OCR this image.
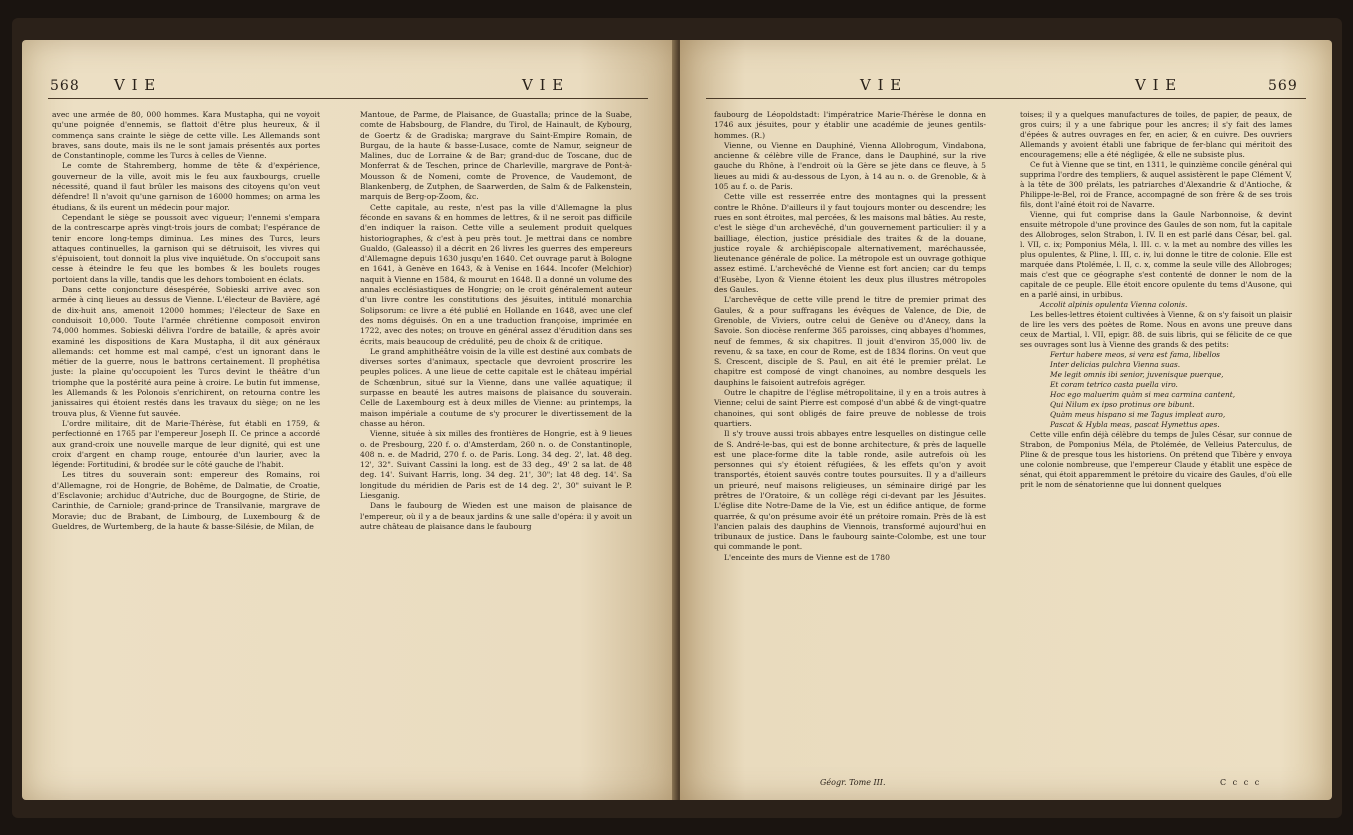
568 V I E	V I E

avec une armée de 80, 000 hommes. Kara Mustapha, qui ne voyoit qu'une poignée d'ennemis, se flattoit d'être plus heureux, & il commença sans crainte le siège de cette ville. Les Allemands sont braves, sans doute, mais ils ne le sont jamais présentés aux portes de Constantinople, comme les Turcs à celles de Vienne.

Le comte de Stahremberg, homme de tête & d'expérience, gouverneur de la ville, avoit mis le feu aux fauxbourgs, cruelle nécessité, quand il faut brûler les maisons des citoyens qu'on veut défendre! Il n'avoit qu'une garnison de 16000 hommes; on arma les étudians, & ils eurent un médecin pour major.

Cependant le siège se poussoit avec vigueur; l'ennemi s'empara de la contrescarpe après vingt-trois jours de combat; l'espérance de tenir encore long-temps diminua. Les mines des Turcs, leurs attaques continuelles, la garnison qui se détruisoit, les vivres qui s'épuisoient, tout donnoit la plus vive inquiétude. On s'occupoit sans cesse à éteindre le feu que les bombes & les boulets rouges portoient dans la ville, tandis que les dehors tomboient en éclats.

Dans cette conjoncture désespérée, Sobieski arrive avec son armée à cinq lieues au dessus de Vienne. L'électeur de Bavière, agé de dix-huit ans, amenoit 12000 hommes; l'électeur de Saxe en conduisoit 10,000. Toute l'armée chrétienne composoit environ 74,000 hommes. Sobieski délivra l'ordre de bataille, & après avoir examiné les dispositions de Kara Mustapha, il dit aux généraux allemands: cet homme est mal campé, c'est un ignorant dans le métier de la guerre, nous le battrons certainement. Il prophétisa juste: la plaine qu'occupoient les Turcs devint le théâtre d'un triomphe que la postérité aura peine à croire. Le butin fut immense, les Allemands & les Polonois s'enrichirent, on retourna contre les janissaires qui étoient restés dans les travaux du siège; on ne les trouva plus, & Vienne fut sauvée.

L'ordre militaire, dit de Marie-Thérèse, fut établi en 1759, & perfectionné en 1765 par l'empereur Joseph II. Ce prince a accordé aux grand-croix une nouvelle marque de leur dignité, qui est une croix d'argent en champ rouge, entourée d'un laurier, avec la légende: Fortitudini, & brodée sur le côté gauche de l'habit.

Les titres du souverain sont: empereur des Romains, roi d'Allemagne, roi de Hongrie, de Bohême, de Dalmatie, de Croatie, d'Esclavonie; archiduc d'Autriche, duc de Bourgogne, de Stirie, de Carinthie, de Carniole; grand-prince de Transilvanie, margrave de Moravie; duc de Brabant, de Limbourg, de Luxembourg & de Gueldres, de Wurtemberg, de la haute & basse-Silésie, de Milan, de

Mantoue, de Parme, de Plaisance, de Guastalla; prince de la Suabe, comte de Habsbourg, de Flandre, du Tirol, de Hainault, de Kybourg, de Goertz & de Gradiska; margrave du Saint-Empire Romain, de Burgau, de la haute & basse-Lusace, comte de Namur, seigneur de Malines, duc de Lorraine & de Bar; grand-duc de Toscane, duc de Monferrat & de Teschen, prince de Charleville, margrave de Pont-à-Mousson & de Nomeni, comte de Provence, de Vaudemont, de Blankenberg, de Zutphen, de Saarwerden, de Salm & de Falkenstein, marquis de Berg-op-Zoom, &c.

Cette capitale, au reste, n'est pas la ville d'Allemagne la plus féconde en savans & en hommes de lettres, & il ne seroit pas difficile d'en indiquer la raison. Cette ville a seulement produit quelques historiographes, & c'est à peu près tout. Je mettrai dans ce nombre Gualdo, (Galeasso) il a décrit en 26 livres les guerres des empereurs d'Allemagne depuis 1630 jusqu'en 1640. Cet ouvrage parut à Bologne en 1641, à Genève en 1643, & à Venise en 1644. Incofer (Melchior) naquit à Vienne en 1584, & mourut en 1648. Il a donné un volume des annales ecclésiastiques de Hongrie; on le croit généralement auteur d'un livre contre les constitutions des jésuites, intitulé monarchia Solipsorum: ce livre a été publié en Hollande en 1648, avec une clef des noms déguisés. On en a une traduction françoise, imprimée en 1722, avec des notes; on trouve en général assez d'érudition dans ses écrits, mais beaucoup de crédulité, peu de choix & de critique.

Le grand amphithéâtre voisin de la ville est destiné aux combats de diverses sortes d'animaux, spectacle que devroient proscrire les peuples polices. A une lieue de cette capitale est le château impérial de Schœnbrun, situé sur la Vienne, dans une vallée aquatique; il surpasse en beauté les autres maisons de plaisance du souverain. Celle de Laxembourg est à deux milles de Vienne: au printemps, la maison impériale a coutume de s'y procurer le divertissement de la chasse au héron.

Vienne, située à six milles des frontières de Hongrie, est à 9 lieues o. de Presbourg, 220 f. o. d'Amsterdam, 260 n. o. de Constantinople, 408 n. e. de Madrid, 270 f. o. de Paris. Long. 34 deg. 2', lat. 48 deg. 12', 32". Suivant Cassini la long. est de 33 deg., 49' 2 sa lat. de 48 deg. 14'. Suivant Harris, long. 34 deg. 21', 30"; lat 48 deg. 14'. Sa longitude du méridien de Paris est de 14 deg. 2', 30" suivant le P. Liesganig.

Dans le faubourg de Wieden est une maison de plaisance de l'empereur, où il y a de beaux jardins & une salle d'opéra: il y avoit un autre château de plaisance dans le faubourg

V I E	V I E	569

faubourg de Léopoldstadt: l'impératrice Marie-Thérèse le donna en 1746 aux jésuites, pour y établir une académie de jeunes gentils-hommes. (R.)

Vienne, ou Vienne en Dauphiné, Vienna Allobrogum, Vindabona, ancienne & célèbre ville de France, dans le Dauphiné, sur la rive gauche du Rhône, à l'endroit où la Gère se jète dans ce fleuve, à 5 lieues au midi & au-dessous de Lyon, à 14 au n. o. de Grenoble, & à 105 au f. o. de Paris.

Cette ville est resserrée entre des montagnes qui la pressent contre le Rhône. D'ailleurs il y faut toujours monter ou descendre; les rues en sont étroites, mal percées, & les maisons mal bâties. Au reste, c'est le siège d'un archevêché, d'un gouvernement particulier: il y a bailliage, élection, justice présidiale des traites & de la douane, justice royale & archiépiscopale alternativement, maréchaussée, lieutenance générale de police. La métropole est un ouvrage gothique assez estimé. L'archevêché de Vienne est fort ancien; car du temps d'Eusèbe, Lyon & Vienne étoient les deux plus illustres métropoles des Gaules.

L'archevêque de cette ville prend le titre de premier primat des Gaules, & a pour suffragans les évêques de Valence, de Die, de Grenoble, de Viviers, outre celui de Genève ou d'Anecy, dans la Savoie. Son diocèse renferme 365 paroisses, cinq abbayes d'hommes, neuf de femmes, & six chapitres. Il jouit d'environ 35,000 liv. de revenu, & sa taxe, en cour de Rome, est de 1834 florins. On veut que S. Crescent, disciple de S. Paul, en ait été le premier prélat. Le chapitre est composé de vingt chanoines, au nombre desquels les dauphins le faisoient autrefois agréger.

Outre le chapitre de l'église métropolitaine, il y en a trois autres à Vienne; celui de saint Pierre est composé d'un abbé & de vingt-quatre chanoines, qui sont obligés de faire preuve de noblesse de trois quartiers.

Il s'y trouve aussi trois abbayes entre lesquelles on distingue celle de S. André-le-bas, qui est de bonne architecture, & près de laquelle est une place-forme dite la table ronde, asile autrefois où les personnes qui s'y étoient réfugiées, & les effets qu'on y avoit transportés, étoient sauvés contre toutes poursuites. Il y a d'ailleurs un prieuré, neuf maisons religieuses, un séminaire dirigé par les prêtres de l'Oratoire, & un collège régi ci-devant par les Jésuites. L'église dite Notre-Dame de la Vie, est un édifice antique, de forme quarrée, & qu'on présume avoir été un prétoire romain. Près de là est l'ancien palais des dauphins de Viennois, transformé aujourd'hui en tribunaux de justice. Dans le faubourg sainte-Colombe, est une tour qui commande le pont.

L'enceinte des murs de Vienne est de 1780

toises; il y a quelques manufactures de toiles, de papier, de peaux, de gros cuirs; il y a une fabrique pour les ancres; il s'y fait des lames d'épées & autres ouvrages en fer, en acier, & en cuivre. Des ouvriers Allemands y avoient établi une fabrique de fer-blanc qui méritoit des encouragemens; elle a été négligée, & elle ne subsiste plus.

Ce fut à Vienne que se tint, en 1311, le quinzième concile général qui supprima l'ordre des templiers, & auquel assistèrent le pape Clément V, à la tête de 300 prélats, les patriarches d'Alexandrie & d'Antioche, & Philippe-le-Bel, roi de France, accompagné de son frère & de ses trois fils, dont l'aîné étoit roi de Navarre.

Vienne, qui fut comprise dans la Gaule Narbonnoise, & devint ensuite métropole d'une province des Gaules de son nom, fut la capitale des Allobroges, selon Strabon, l. IV. Il en est parlé dans César, bel. gal. l. VII, c. ix; Pomponius Méla, l. III. c. v. la met au nombre des villes les plus opulentes, & Pline, l. III, c. iv, lui donne le titre de colonie. Elle est marquée dans Ptolémée, l. II, c. x, comme la seule ville des Allobroges; mais c'est que ce géographe s'est contenté de donner le nom de la capitale de ce peuple. Elle étoit encore opulente du tems d'Ausone, qui en a parlé ainsi, in urbibus.

Accolit alpinis opulenta Vienna colonis.

Les belles-lettres étoient cultivées à Vienne, & on s'y faisoit un plaisir de lire les vers des poètes de Rome. Nous en avons une preuve dans ceux de Martial, l. VII, epigr. 88. de suis libris, qui se félicite de ce que ses ouvrages sont lus à Vienne des grands & des petits:

Fertur habere meos, si vera est fama, libellos

Inter delicias pulchra Vienna suas.

Me legit omnis ibi senior, juvenisque puerque,

Et coram tetrico casta puella viro.

Hoc ego maluerim quàm si mea carmina cantent,

Qui Nilum ex ipso protinus ore bibunt.

Quàm meus hispano si me Tagus impleat auro,

Pascat & Hybla meas, pascat Hymettus apes.

Cette ville enfin déjà célèbre du temps de Jules César, sur connue de Strabon, de Pomponius Méla, de Ptolémée, de Velleius Paterculus, de Pline & de presque tous les historiens. On prétend que Tibère y envoya une colonie nombreuse, que l'empereur Claude y établit une espèce de sénat, qui étoit apparemment le prétoire du vicaire des Gaules, d'où elle prit le nom de sénatorienne que lui donnent quelques

Géogr. Tome III.	C c c c
